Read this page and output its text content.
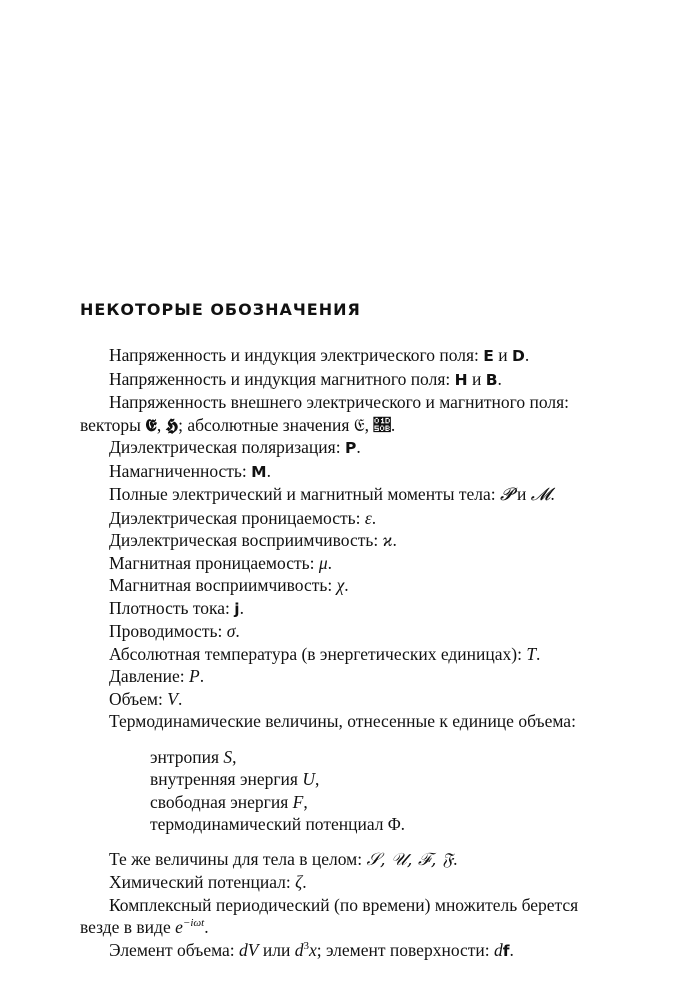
НЕКОТОРЫЕ ОБОЗНАЧЕНИЯ
Напряженность и индукция электрического поля: E и D.
Напряженность и индукция магнитного поля: H и B.
Напряженность внешнего электрического и магнитного поля:
векторы 𝕰, 𝕳; абсолютные значения 𝔈, 𝔋.
Диэлектрическая поляризация: P.
Намагниченность: M.
Полные электрический и магнитный моменты тела: 𝓟 и 𝓜.
Диэлектрическая проницаемость: ε.
Диэлектрическая восприимчивость: ϰ.
Магнитная проницаемость: μ.
Магнитная восприимчивость: χ.
Плотность тока: j.
Проводимость: σ.
Абсолютная температура (в энергетических единицах): T.
Давление: P.
Объем: V.
Термодинамические величины, отнесенные к единице объема:
энтропия S,
внутренняя энергия U,
свободная энергия F,
термодинамический потенциал Φ.
Те же величины для тела в целом: 𝒮, 𝒰, ℱ, 𝔉.
Химический потенциал: ζ.
Комплексный периодический (по времени) множитель берется
везде в виде $e^{-i\omega t}$.
Элемент объема: dV или $d^3x$; элемент поверхности: df.
